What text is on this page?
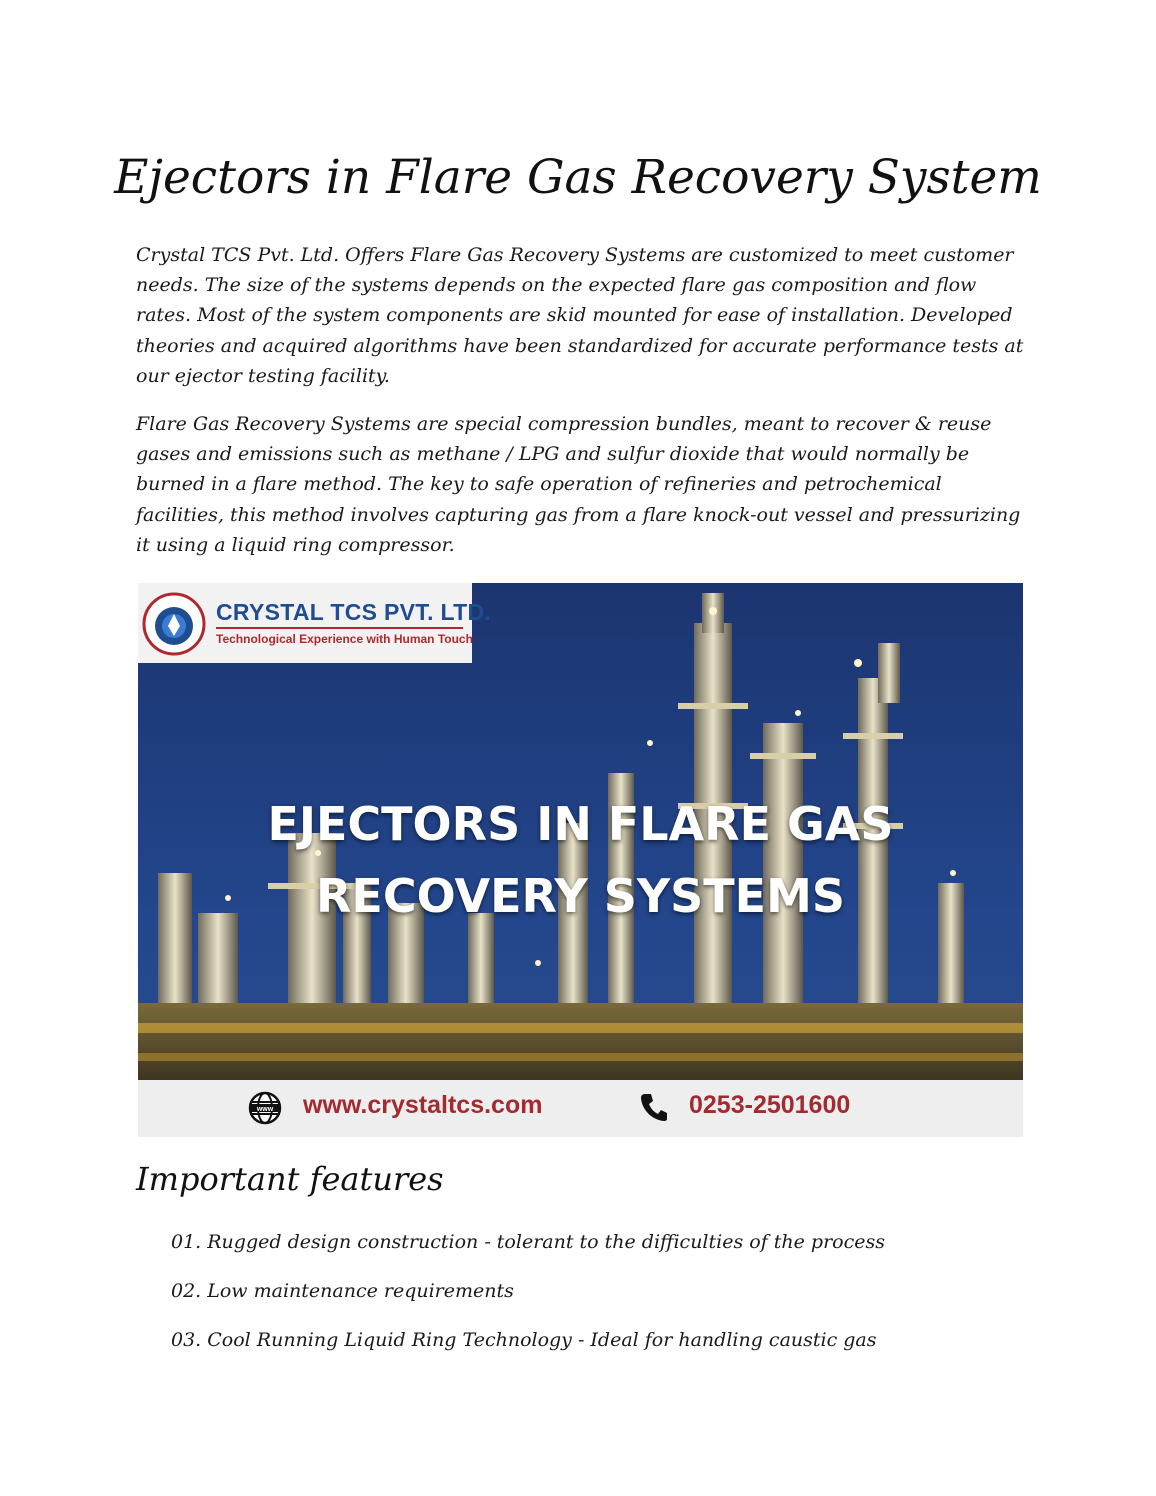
Ejectors in Flare Gas Recovery System

Crystal TCS Pvt. Ltd. Offers Flare Gas Recovery Systems are customized to meet customer needs. The size of the systems depends on the expected flare gas composition and flow rates. Most of the system components are skid mounted for ease of installation. Developed theories and acquired algorithms have been standardized for accurate performance tests at our ejector testing facility.

Flare Gas Recovery Systems are special compression bundles, meant to recover & reuse gases and emissions such as methane / LPG and sulfur dioxide that would normally be burned in a flare method. The key to safe operation of refineries and petrochemical facilities, this method involves capturing gas from a flare knock-out vessel and pressurizing it using a liquid ring compressor.

CRYSTAL TCS PVT. LTD.
Technological Experience with Human Touch
EJECTORS IN FLARE GAS
RECOVERY SYSTEMS
www www.crystaltcs.com	0253-2501600
Important features

01. Rugged design construction - tolerant to the difficulties of the process

02. Low maintenance requirements

03. Cool Running Liquid Ring Technology - Ideal for handling caustic gas
